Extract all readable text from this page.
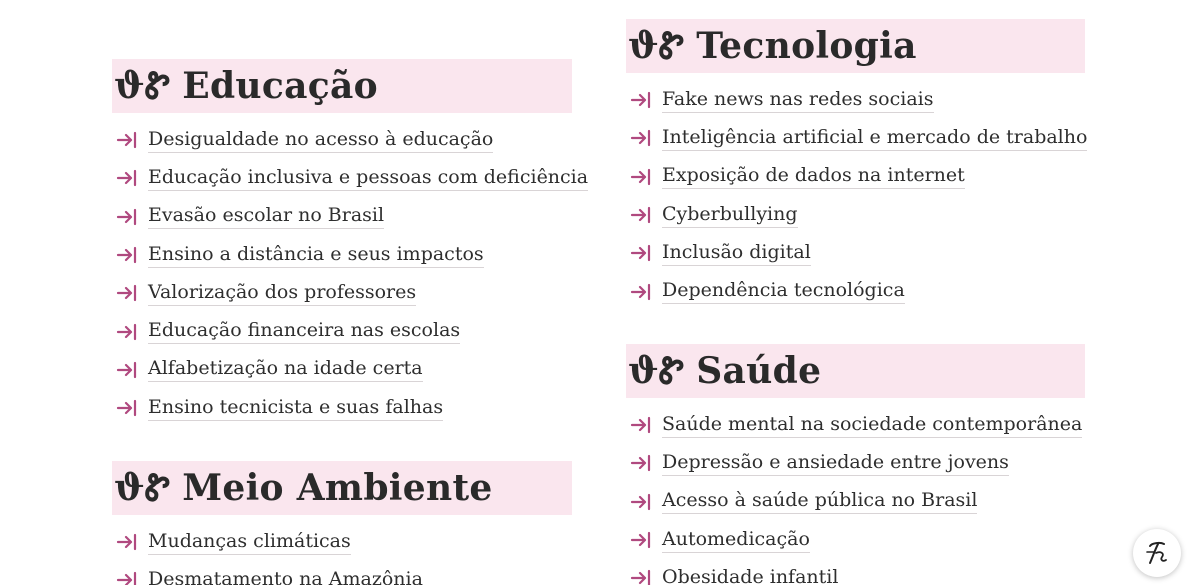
ϑᏑ Educação
Desigualdade no acesso à educação
Educação inclusiva e pessoas com deficiência
Evasão escolar no Brasil
Ensino a distância e seus impactos
Valorização dos professores
Educação financeira nas escolas
Alfabetização na idade certa
Ensino tecnicista e suas falhas
ϑᏑ Meio Ambiente
Mudanças climáticas
Desmatamento na Amazônia
ϑᏑ Tecnologia
Fake news nas redes sociais
Inteligência artificial e mercado de trabalho
Exposição de dados na internet
Cyberbullying
Inclusão digital
Dependência tecnológica
ϑᏑ Saúde
Saúde mental na sociedade contemporânea
Depressão e ansiedade entre jovens
Acesso à saúde pública no Brasil
Automedicação
Obesidade infantil
